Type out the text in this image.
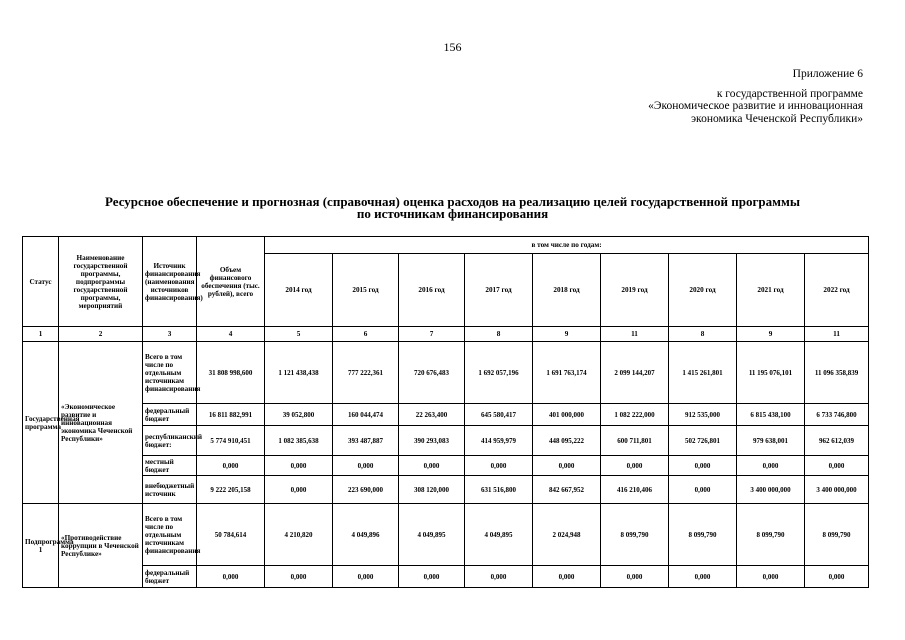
156
Приложение 6
к государственной программе
«Экономическое развитие и инновационная
экономика Чеченской Республики»
Ресурсное обеспечение и прогнозная (справочная) оценка расходов на реализацию целей государственной программы
по источникам финансирования
Статус	Наименование государственной программы, подпрограммы государственной программы, мероприятий	Источник финансирования (наименования источников финансирования)	Объем финансового обеспечения (тыс. рублей), всего	в том числе по годам:								
				2014 год	2015 год	2016 год	2017 год	2018 год	2019 год	2020 год	2021 год	2022 год
1	2	3	4	5	6	7	8	9	11	8	9	11
Государственная программа	«Экономическое развитие и инновационная экономика Чеченской Республики»	Всего в том числе по отдельным источникам финансирования	31 808 998,600	1 121 438,438	777 222,361	720 676,483	1 692 057,196	1 691 763,174	2 099 144,207	1 415 261,801	11 195 076,101	11 096 358,839
		федеральный бюджет	16 811 882,991	39 052,800	160 044,474	22 263,400	645 580,417	401 000,000	1 082 222,000	912 535,000	6 815 438,100	6 733 746,800
		республиканский бюджет:	5 774 910,451	1 082 385,638	393 487,887	390 293,083	414 959,979	448 095,222	600 711,801	502 726,801	979 638,001	962 612,039
		местный бюджет	0,000	0,000	0,000	0,000	0,000	0,000	0,000	0,000	0,000	0,000
		внебюджетный источник	9 222 205,158	0,000	223 690,000	308 120,000	631 516,800	842 667,952	416 210,406	0,000	3 400 000,000	3 400 000,000
Подпрограмма 1	«Противодействие коррупции в Чеченской Республике»	Всего в том числе по отдельным источникам финансирования	50 784,614	4 210,820	4 049,896	4 049,895	4 049,895	2 024,948	8 099,790	8 099,790	8 099,790	8 099,790
		федеральный бюджет	0,000	0,000	0,000	0,000	0,000	0,000	0,000	0,000	0,000	0,000
